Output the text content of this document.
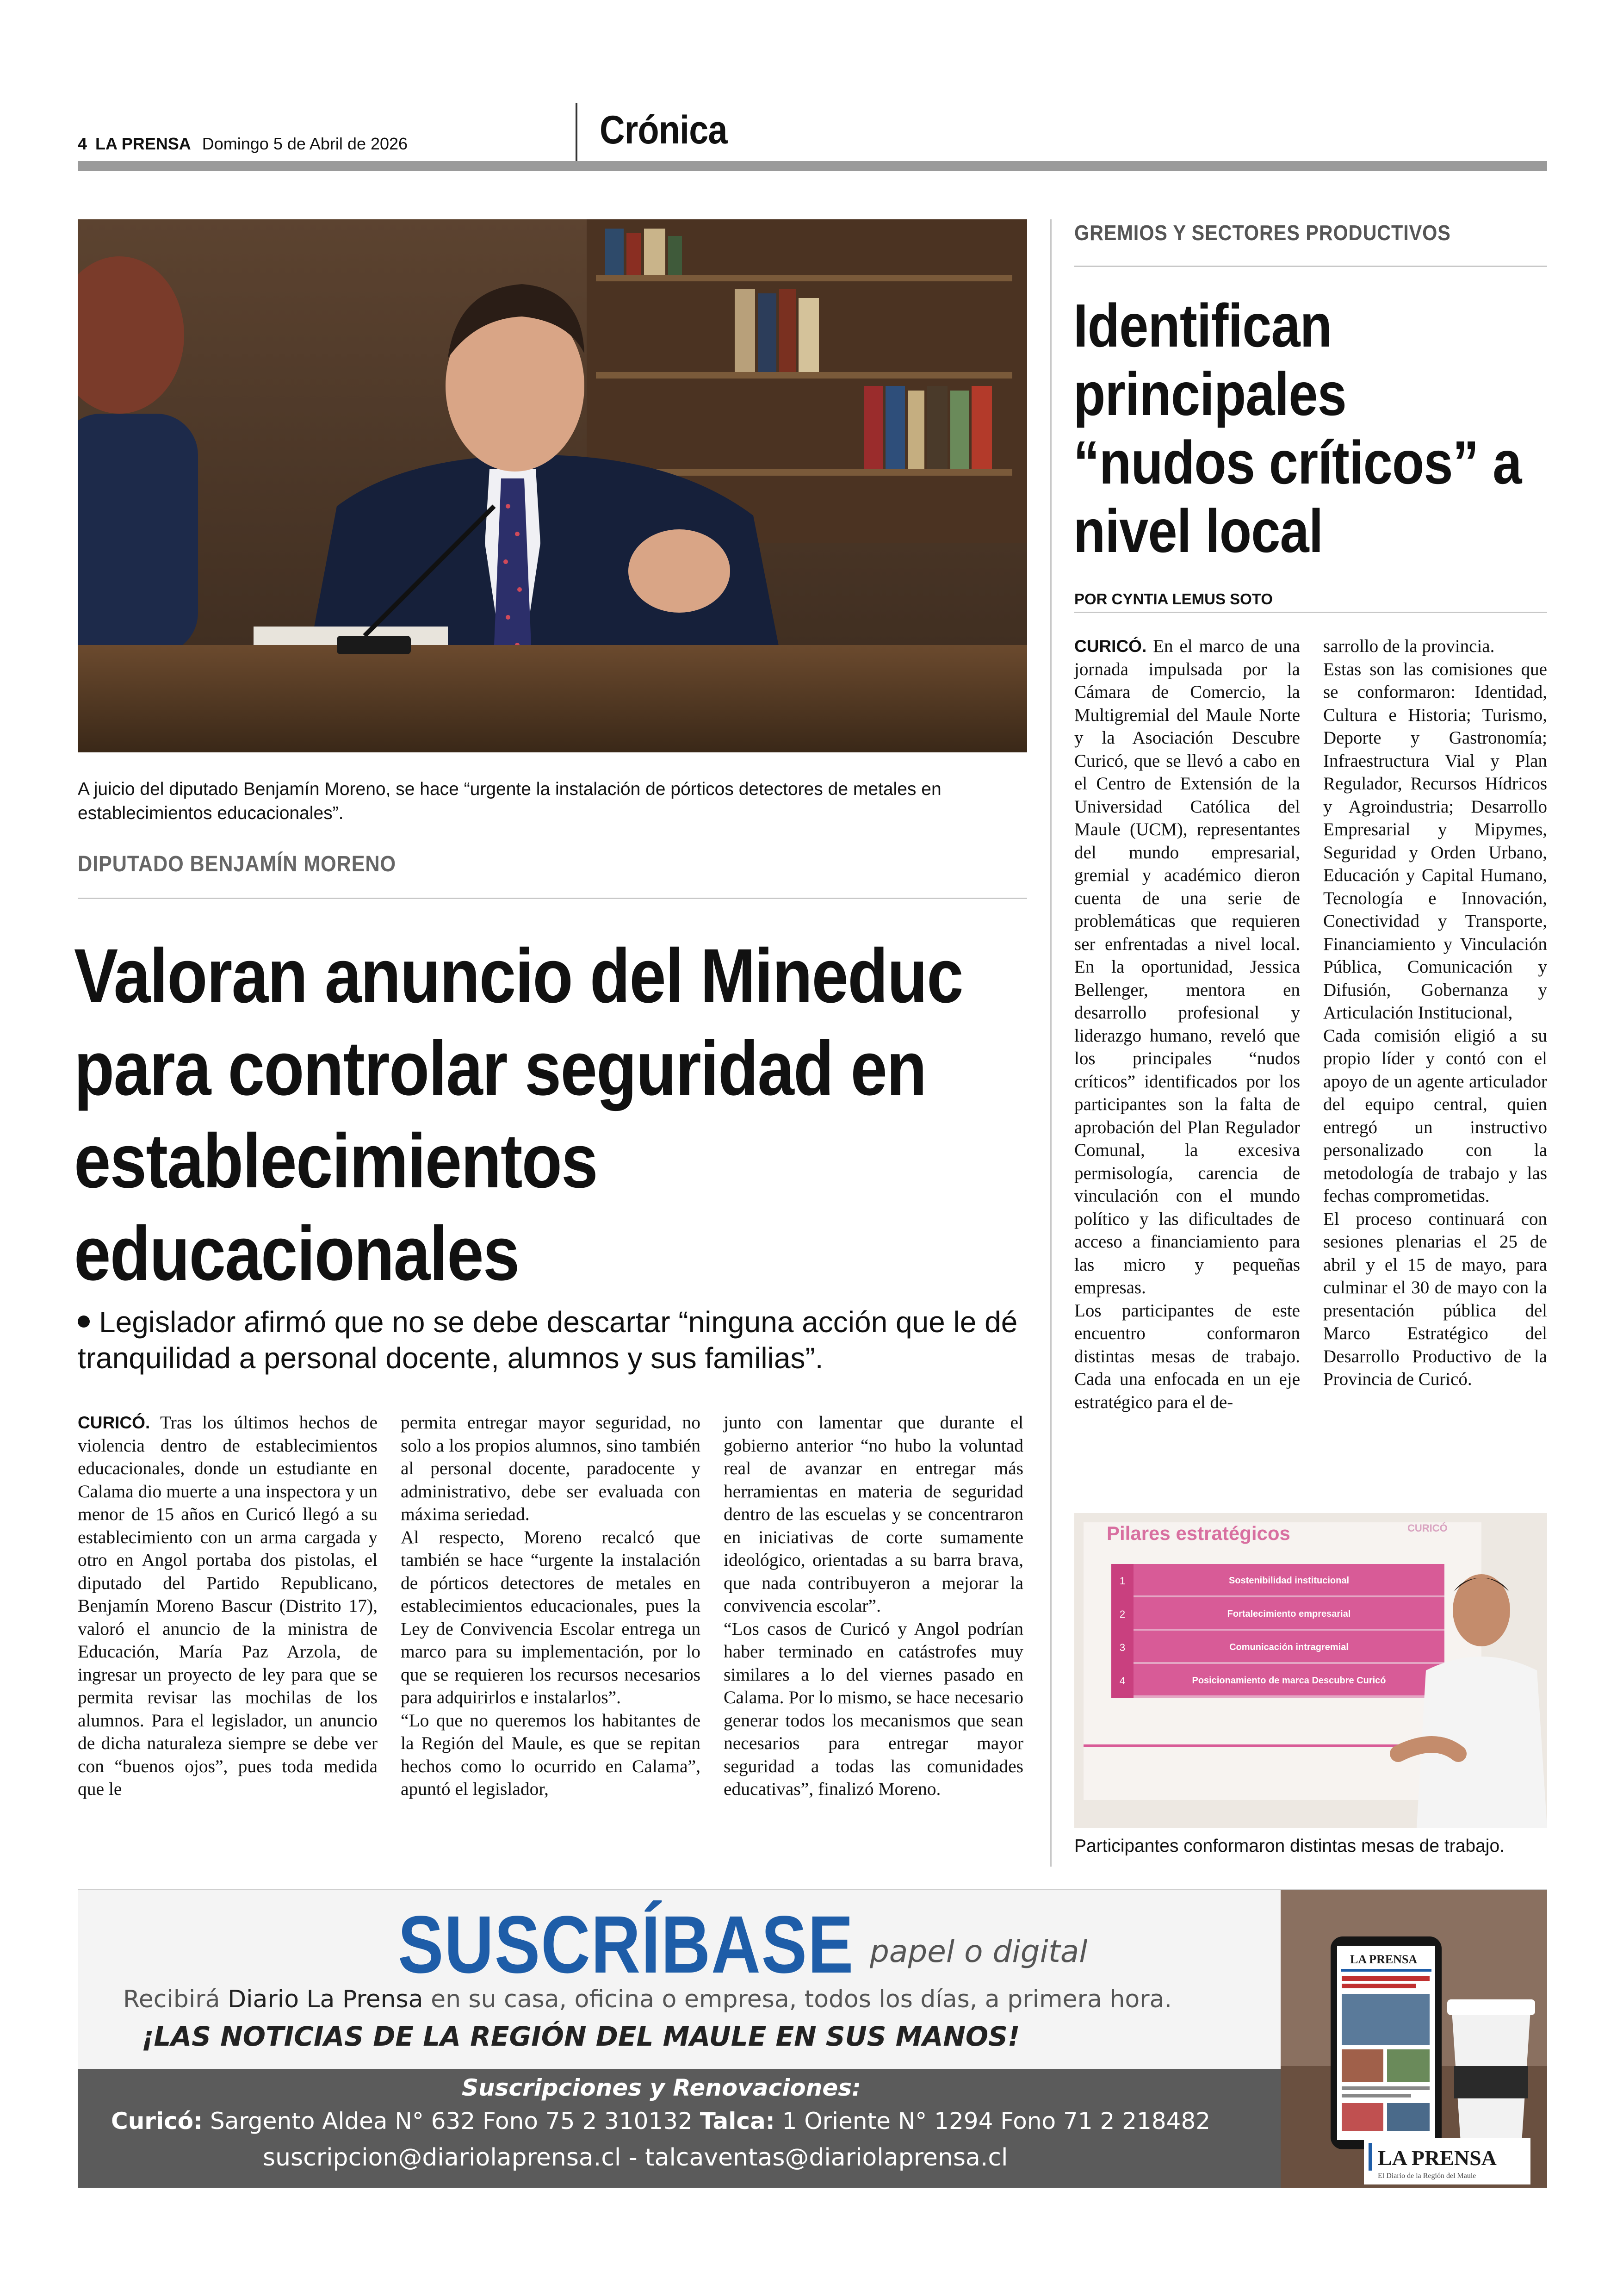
4 LA PRENSA Domingo 5 de Abril de 2026	Crónica
A juicio del diputado Benjamín Moreno, se hace “urgente la instalación de pórticos detectores de metales en establecimientos educacionales”.
DIPUTADO BENJAMÍN MORENO
Valoran anuncio del Mineduc para controlar seguridad en establecimientos educacionales
Legislador afirmó que no se debe descartar “ninguna acción que le dé tranquilidad a personal docente, alumnos y sus familias”.

CURICÓ. Tras los últimos hechos de violencia dentro de establecimientos educacionales, donde un estudiante en Calama dio muerte a una inspectora y un menor de 15 años en Curicó llegó a su establecimiento con un arma cargada y otro en Angol portaba dos pistolas, el diputado del Partido Republicano, Benjamín Moreno Bascur (Distrito 17), valoró el anuncio de la ministra de Educación, María Paz Arzola, de ingresar un proyecto de ley para que se permita revisar las mochilas de los alumnos. Para el legislador, un anuncio de dicha naturaleza siempre se debe ver con “buenos ojos”, pues toda medida que le

permita entregar mayor seguridad, no solo a los propios alumnos, sino también al personal docente, paradocente y administrativo, debe ser evaluada con máxima seriedad.

Al respecto, Moreno recalcó que también se hace “urgente la instalación de pórticos detectores de metales en establecimientos educacionales, pues la Ley de Convivencia Escolar entrega un marco para su implementación, por lo que se requieren los recursos necesarios para adquirirlos e instalarlos”.

“Lo que no queremos los habitantes de la Región del Maule, es que se repitan hechos como lo ocurrido en Calama”, apuntó el legislador,

junto con lamentar que durante el gobierno anterior “no hubo la voluntad real de avanzar en entregar más herramientas en materia de seguridad dentro de las escuelas y se concentraron en iniciativas de corte sumamente ideológico, orientadas a su barra brava, que nada contribuyeron a mejorar la convivencia escolar”.

“Los casos de Curicó y Angol podrían haber terminado en catástrofes muy similares a lo del viernes pasado en Calama. Por lo mismo, se hace necesario generar todos los mecanismos que sean necesarios para entregar mayor seguridad a todas las comunidades educativas”, finalizó Moreno.

GREMIOS Y SECTORES PRODUCTIVOS
Identifican principales “nudos críticos” a nivel local
POR CYNTIA LEMUS SOTO

CURICÓ. En el marco de una jornada impulsada por la Cámara de Comercio, la Multigremial del Maule Norte y la Asociación Descubre Curicó, que se llevó a cabo en el Centro de Extensión de la Universidad Católica del Maule (UCM), representantes del mundo empresarial, gremial y académico dieron cuenta de una serie de problemáticas que requieren ser enfrentadas a nivel local. En la oportunidad, Jessica Bellenger, mentora en desarrollo profesional y liderazgo humano, reveló que los principales “nudos críticos” identificados por los participantes son la falta de aprobación del Plan Regulador Comunal, la excesiva permisología, carencia de vinculación con el mundo político y las dificultades de acceso a financiamiento para las micro y pequeñas empresas.

Los participantes de este encuentro conformaron distintas mesas de trabajo. Cada una enfocada en un eje estratégico para el de-

sarrollo de la provincia.

Estas son las comisiones que se conformaron: Identidad, Cultura e Historia; Turismo, Deporte y Gastronomía; Infraestructura Vial y Plan Regulador, Recursos Hídricos y Agroindustria; Desarrollo Empresarial y Mipymes, Seguridad y Orden Urbano, Educación y Capital Humano, Tecnología e Innovación, Conectividad y Transporte, Financiamiento y Vinculación Pública, Comunicación y Difusión, Gobernanza y Articulación Institucional,

Cada comisión eligió a su propio líder y contó con el apoyo de un agente articulador del equipo central, quien entregó un instructivo personalizado con la metodología de trabajo y las fechas comprometidas.

El proceso continuará con sesiones plenarias el 25 de abril y el 15 de mayo, para culminar el 30 de mayo con la presentación pública del Marco Estratégico del Desarrollo Productivo de la Provincia de Curicó.

Pilares estratégicos	CURICÓ
1
2
3
4
Sostenibilidad institucional
Fortalecimiento empresarial
Comunicación intragremial
Posicionamiento de marca Descubre Curicó
Participantes conformaron distintas mesas de trabajo.
SUSCRÍBASE papel o digital
Recibirá Diario La Prensa en su casa, oficina o empresa, todos los días, a primera hora.
¡LAS NOTICIAS DE LA REGIÓN DEL MAULE EN SUS MANOS!
Suscripciones y Renovaciones:
Curicó: Sargento Aldea N° 632 Fono 75 2 310132 Talca: 1 Oriente N° 1294 Fono 71 2 218482
suscripcion@diariolaprensa.cl - talcaventas@diariolaprensa.cl
LA PRENSA
LA PRENSA
El Diario de la Región del Maule
